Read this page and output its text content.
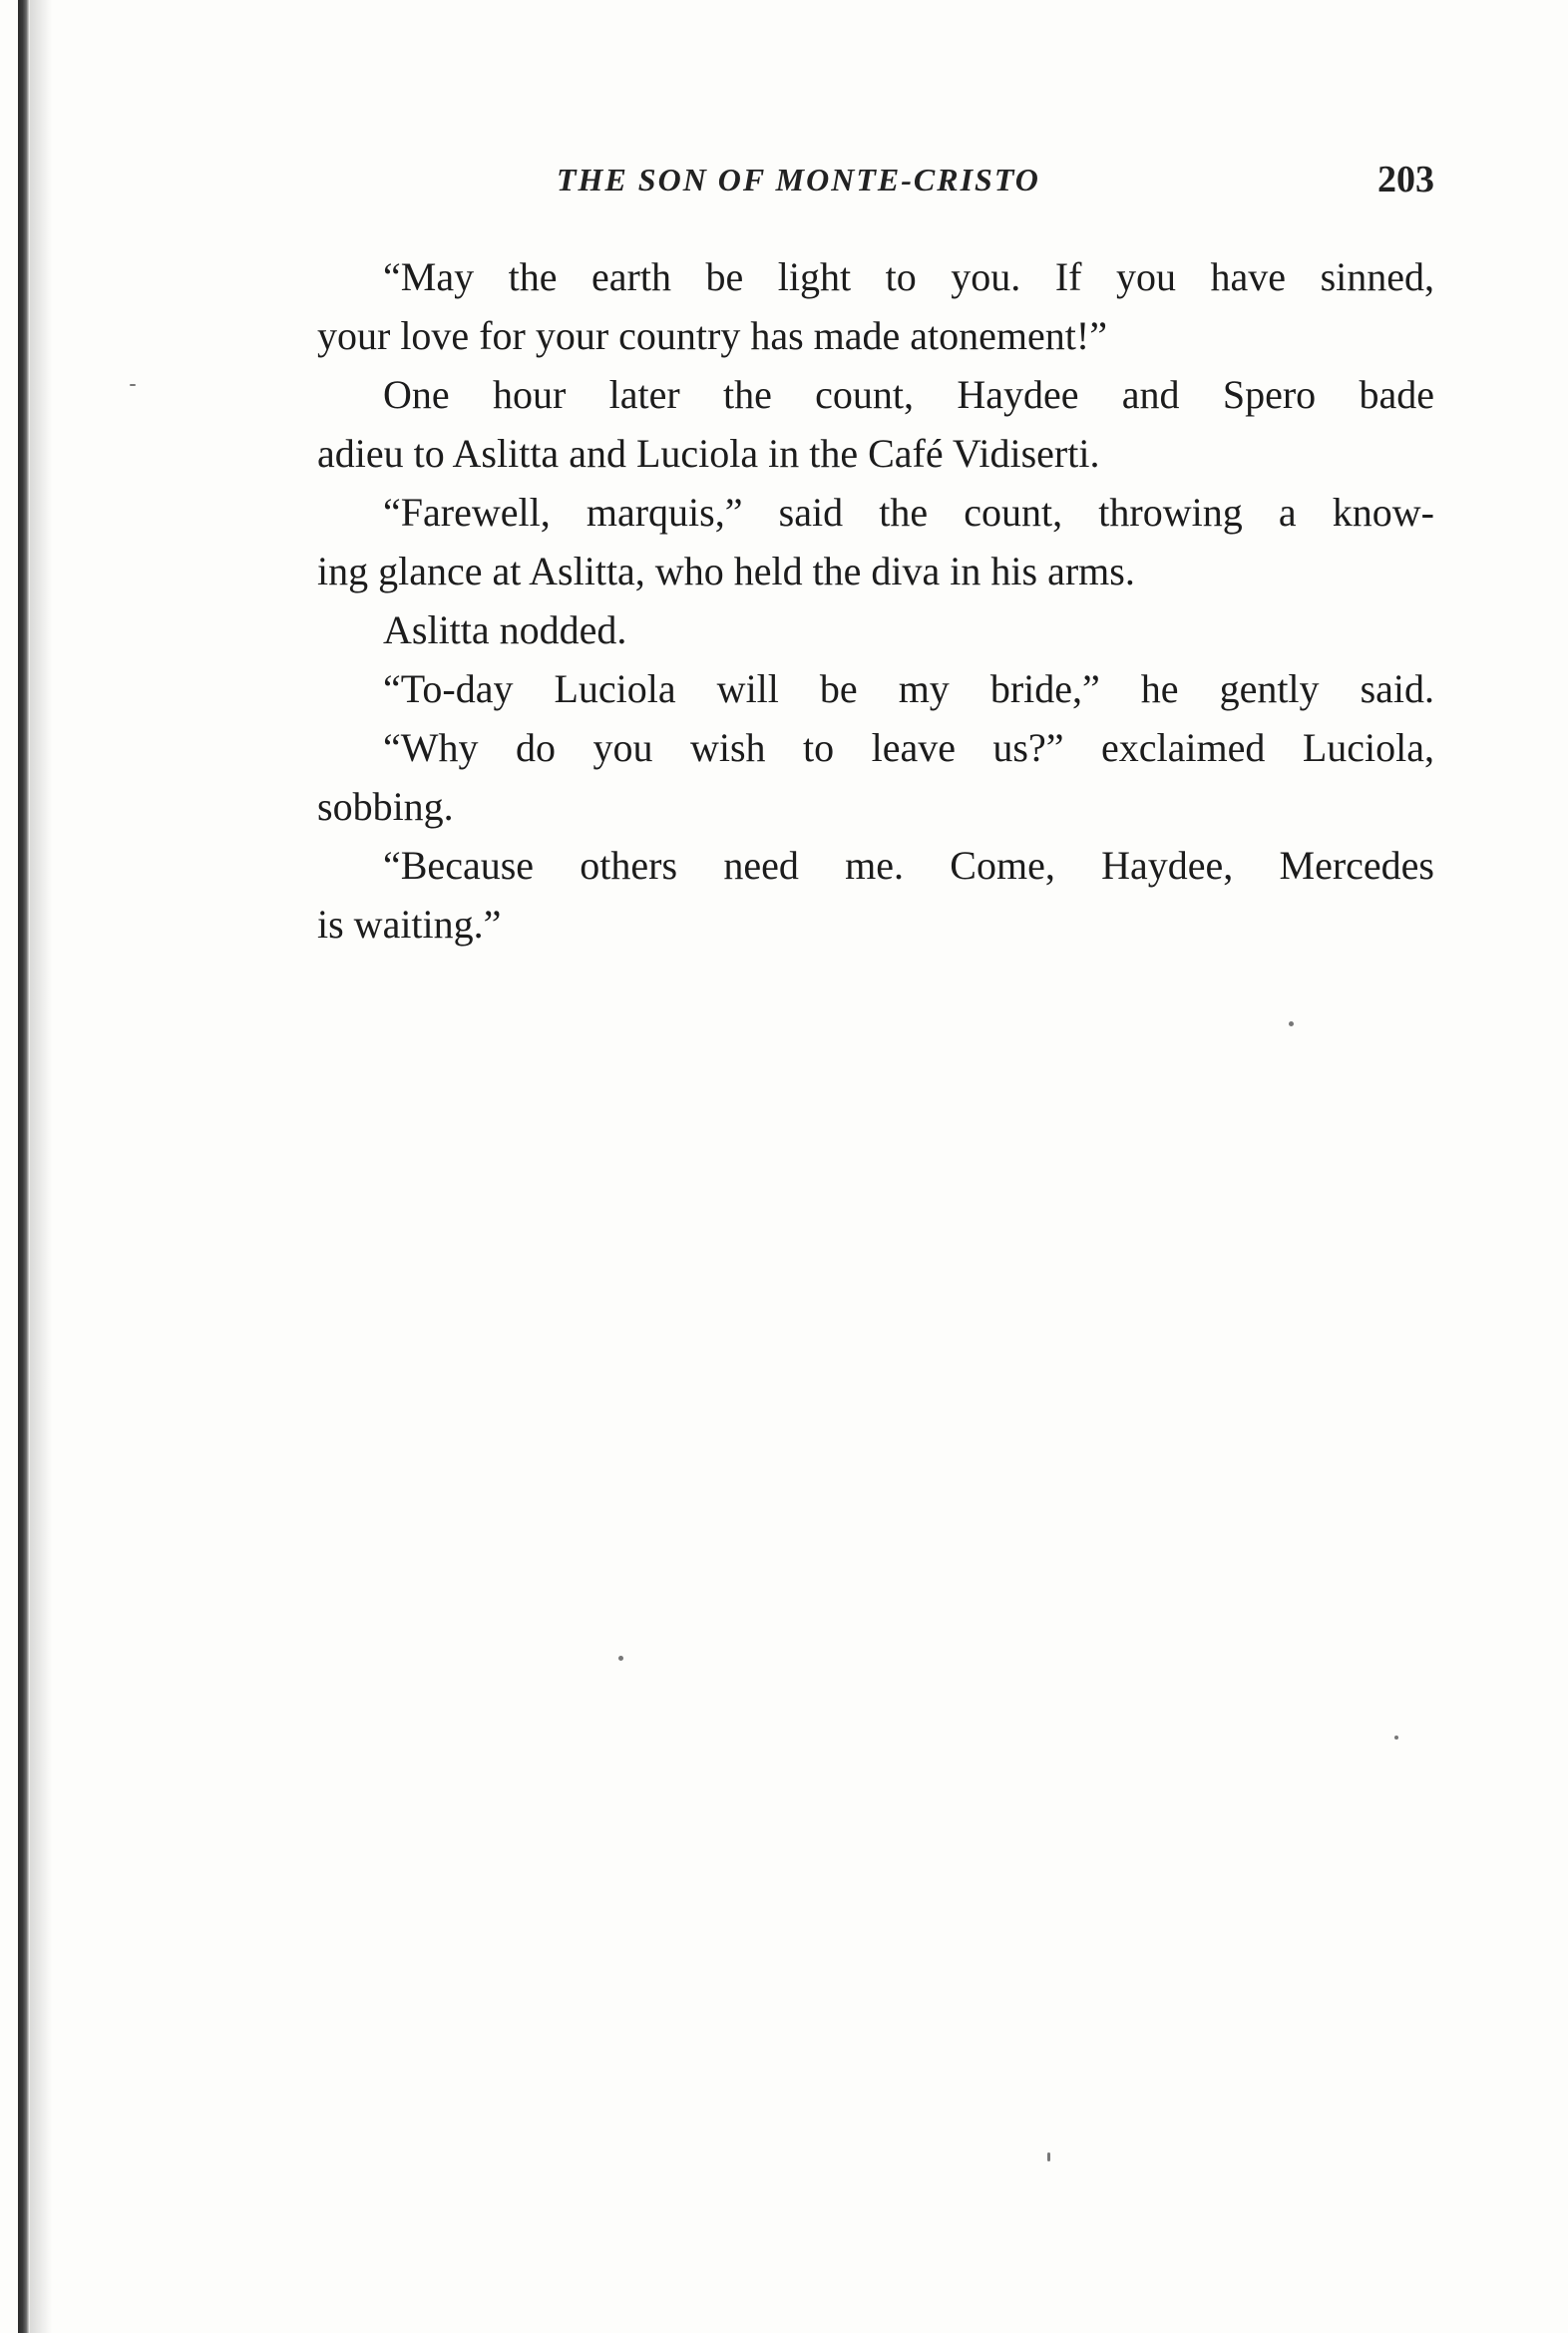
THE SON OF MONTE-CRISTO	203

“May the earth be light to you. If you have sinned,
your love for your country has made atonement!”

One hour later the count, Haydee and Spero bade
adieu to Aslitta and Luciola in the Café Vidiserti.

“Farewell, marquis,” said the count, throwing a know-
ing glance at Aslitta, who held the diva in his arms.

Aslitta nodded.

“To-day Luciola will be my bride,” he gently said.

“Why do you wish to leave us?” exclaimed Luciola,
sobbing.

“Because others need me. Come, Haydee, Mercedes
is waiting.”
